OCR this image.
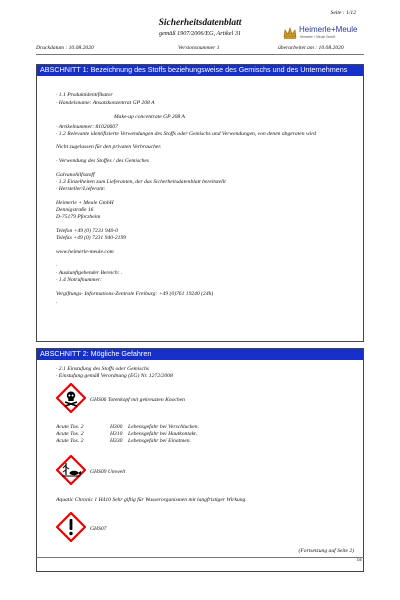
Seite : 1/12
Sicherheitsdatenblatt
gemäß 1907/2006/EG, Artikel 31	Heimerle+Meule
Heimerle + Meule GmbH
Druckdatum : 10.08.2020	Versionsnummer 1	überarbeitet am : 10.08.2020
ABSCHNITT 1: Bezeichnung des Stoffs beziehungsweise des Gemischs und des Unternehmens
· 1.1 Produktidentifikator
· Handelsname: Ansatzkonzentrat GP 208 A
Make-up concentrate GP 208 A
· Artikelnummer: 81020607
· 1.2 Relevante identifizierte Verwendungen des Stoffs oder Gemischs und Verwendungen, von denen abgeraten wird
Nicht zugelassen für den privaten Verbraucher.
· Verwendung des Stoffes / des Gemisches
Galvanohilfsstoff
· 1.3 Einzelheiten zum Lieferanten, der das Sicherheitsdatenblatt bereitstellt
· Hersteller/Lieferant:
Heimerle + Meule GmbH
Dennigstraße 16
D-75179 Pforzheim
Telefon +49 (0) 7231 940-0
Telefax +49 (0) 7231 940-2199
www.heimerle-meule.com
·
· Auskunftgebender Bereich: .
· 1.4 Notrufnummer:
Vergiftungs- Informations-Zentrale Freiburg: +49 (0)761 19240 (24h)
·
ABSCHNITT 2: Mögliche Gefahren
· 2.1 Einstufung des Stoffs oder Gemischs
· Einstufung gemäß Verordnung (EG) Nr. 1272/2008
GHS06 Totenkopf mit gekreuzten Knochen
Acute Tox. 2	H300 Lebensgefahr bei Verschlucken.
Acute Tox. 2	H310 Lebensgefahr bei Hautkontakt.
Acute Tox. 2	H330 Lebensgefahr bei Einatmen.
GHS09 Umwelt
Aquatic Chronic 1 H410 Sehr giftig für Wasserorganismen mit langfristiger Wirkung.
GHS07
(Fortsetzung auf Seite 2)
DE
